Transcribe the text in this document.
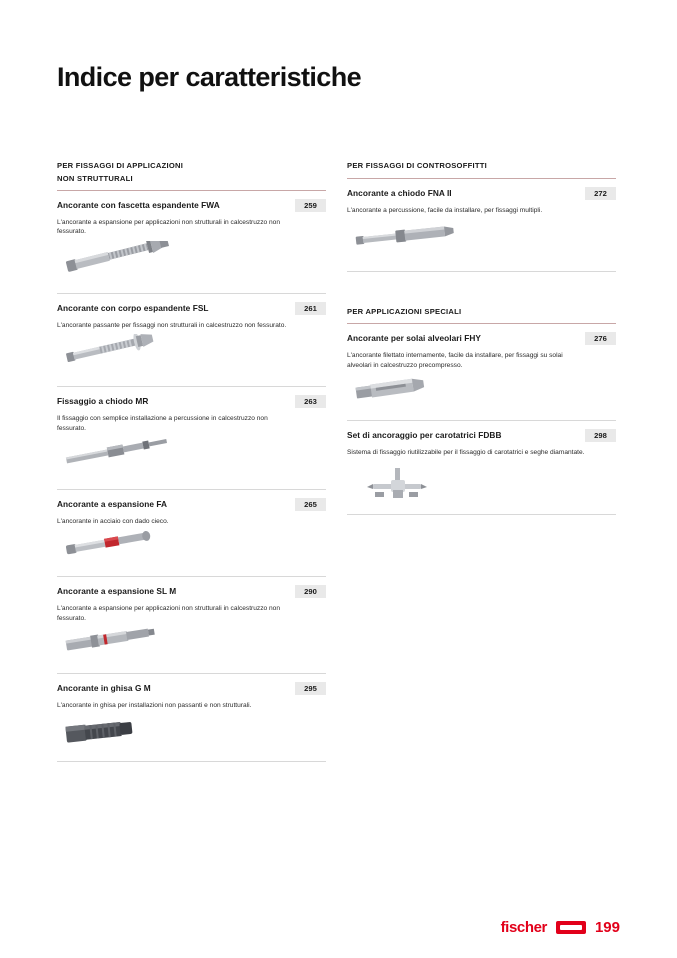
Indice per caratteristiche
PER FISSAGGI DI APPLICAZIONI
NON STRUTTURALI
Ancorante con fascetta espandente FWA	259
L'ancorante a espansione per applicazioni non strutturali in calcestruzzo non fessurato.
Ancorante con corpo espandente FSL	261
L'ancorante passante per fissaggi non strutturali in calcestruzzo non fessurato.
Fissaggio a chiodo MR	263
Il fissaggio con semplice installazione a percussione in calcestruzzo non fessurato.
Ancorante a espansione FA	265
L'ancorante in acciaio con dado cieco.
Ancorante a espansione SL M	290
L'ancorante a espansione per applicazioni non strutturali in calcestruzzo non fessurato.
Ancorante in ghisa G M	295
L'ancorante in ghisa per installazioni non passanti e non strutturali.
PER FISSAGGI DI CONTROSOFFITTI
Ancorante a chiodo FNA II	272
L'ancorante a percussione, facile da installare, per fissaggi multipli.
PER APPLICAZIONI SPECIALI
Ancorante per solai alveolari FHY	276
L'ancorante filettato internamente, facile da installare, per fissaggi su solai alveolari in calcestruzzo precompresso.
Set di ancoraggio per carotatrici FDBB	298
Sistema di fissaggio riutilizzabile per il fissaggio di carotatrici e seghe diamantate.
fischer	199
